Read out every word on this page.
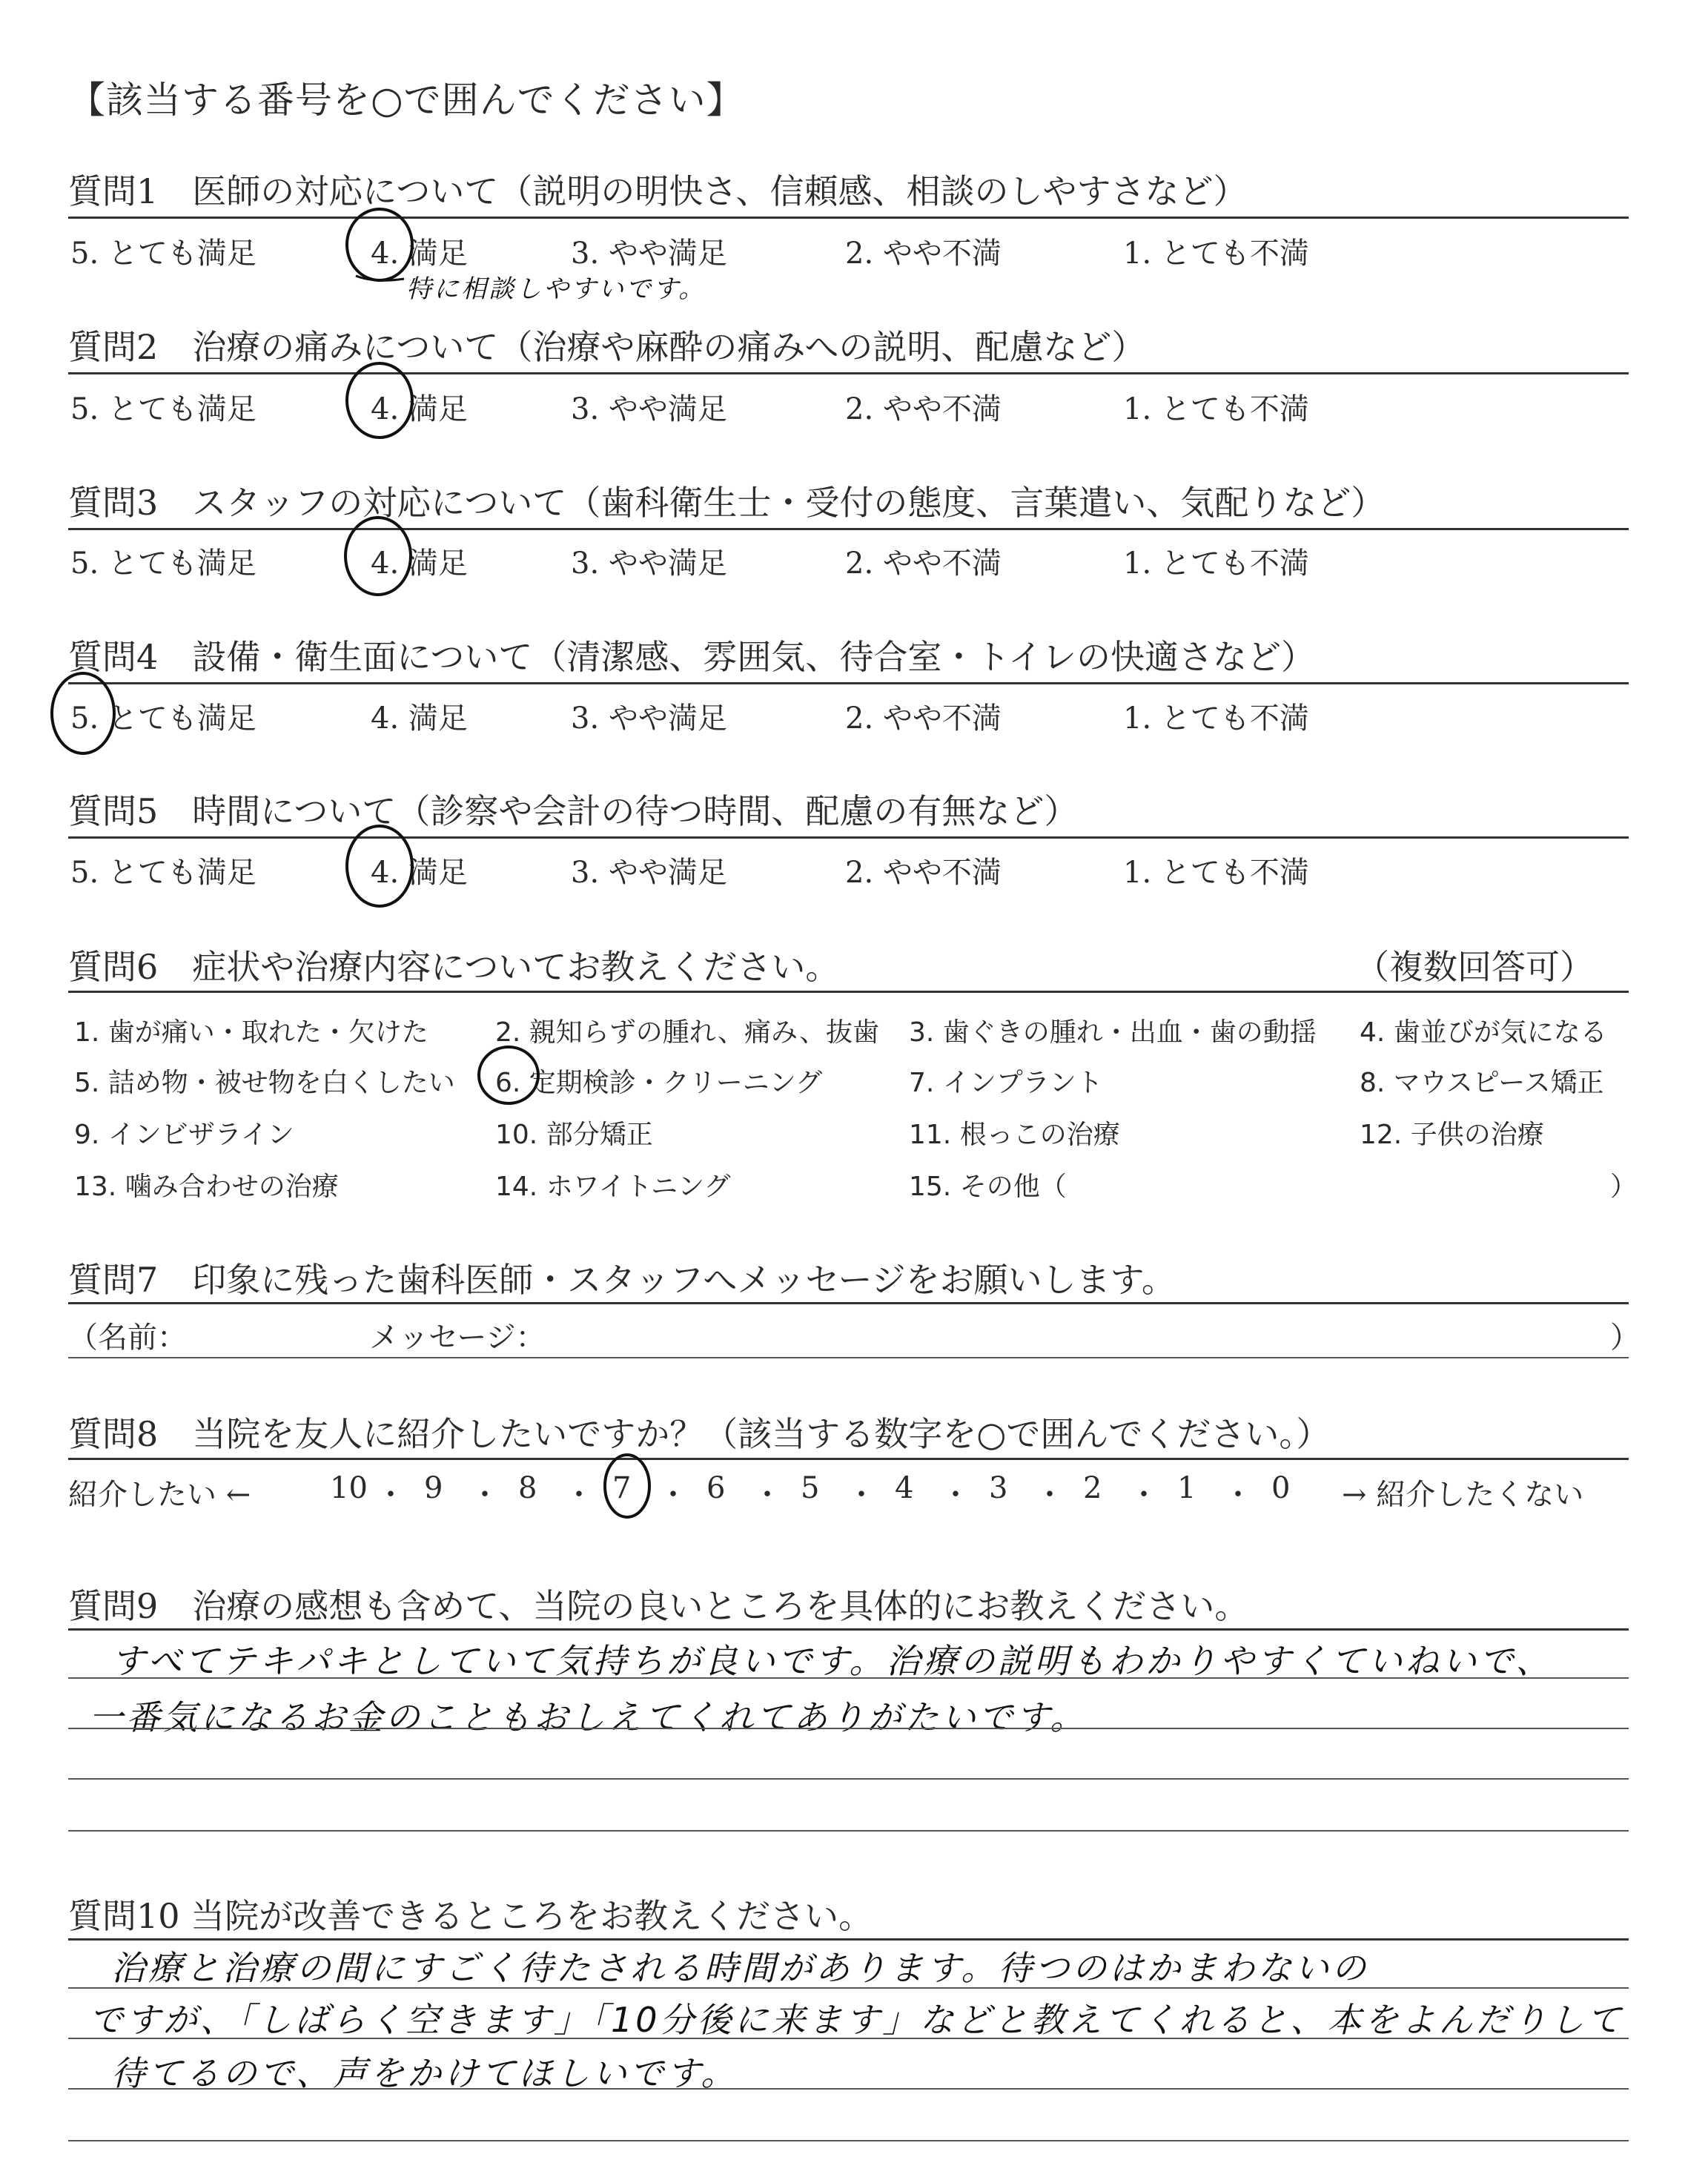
【該当する番号を○で囲んでください】
質問1　医師の対応について（説明の明快さ、信頼感、相談のしやすさなど）
5. とても満足	4. 満足	3. やや満足	2. やや不満	1. とても不満
特に相談しやすいです。
質問2　治療の痛みについて（治療や麻酔の痛みへの説明、配慮など）
5. とても満足	4. 満足	3. やや満足	2. やや不満	1. とても不満
質問3　スタッフの対応について（歯科衛生士・受付の態度、言葉遣い、気配りなど）
5. とても満足	4. 満足	3. やや満足	2. やや不満	1. とても不満
質問4　設備・衛生面について（清潔感、雰囲気、待合室・トイレの快適さなど）
5. とても満足	4. 満足	3. やや満足	2. やや不満	1. とても不満
質問5　時間について（診察や会計の待つ時間、配慮の有無など）
5. とても満足	4. 満足	3. やや満足	2. やや不満	1. とても不満
質問6　症状や治療内容についてお教えください。	（複数回答可）
1. 歯が痛い・取れた・欠けた	2. 親知らずの腫れ、痛み、抜歯 3. 歯ぐきの腫れ・出血・歯の動揺 4. 歯並びが気になる
5. 詰め物・被せ物を白くしたい 6. 定期検診・クリーニング	7. インプラント	8. マウスピース矯正
9. インビザライン	10. 部分矯正	11. 根っこの治療	12. 子供の治療
13. 噛み合わせの治療	14. ホワイトニング	15. その他（	）
質問7　印象に残った歯科医師・スタッフへメッセージをお願いします。
（名前：	メッセージ：	）
質問8　当院を友人に紹介したいですか？（該当する数字を○で囲んでください。）
紹介したい ←	→ 紹介したくない
10 ・ 9 ・ 8 ・ 7 ・ 6 ・ 5 ・ 4 ・ 3 ・ 2 ・ 1 ・ 0
質問9　治療の感想も含めて、当院の良いところを具体的にお教えください。
すべてテキパキとしていて気持ちが良いです。治療の説明もわかりやすくていねいで、
一番気になるお金のこともおしえてくれてありがたいです。
質問10 当院が改善できるところをお教えください。
治療と治療の間にすごく待たされる時間があります。待つのはかまわないの
ですが、「しばらく空きます」「10分後に来ます」などと教えてくれると、本をよんだりして
待てるので、声をかけてほしいです。
